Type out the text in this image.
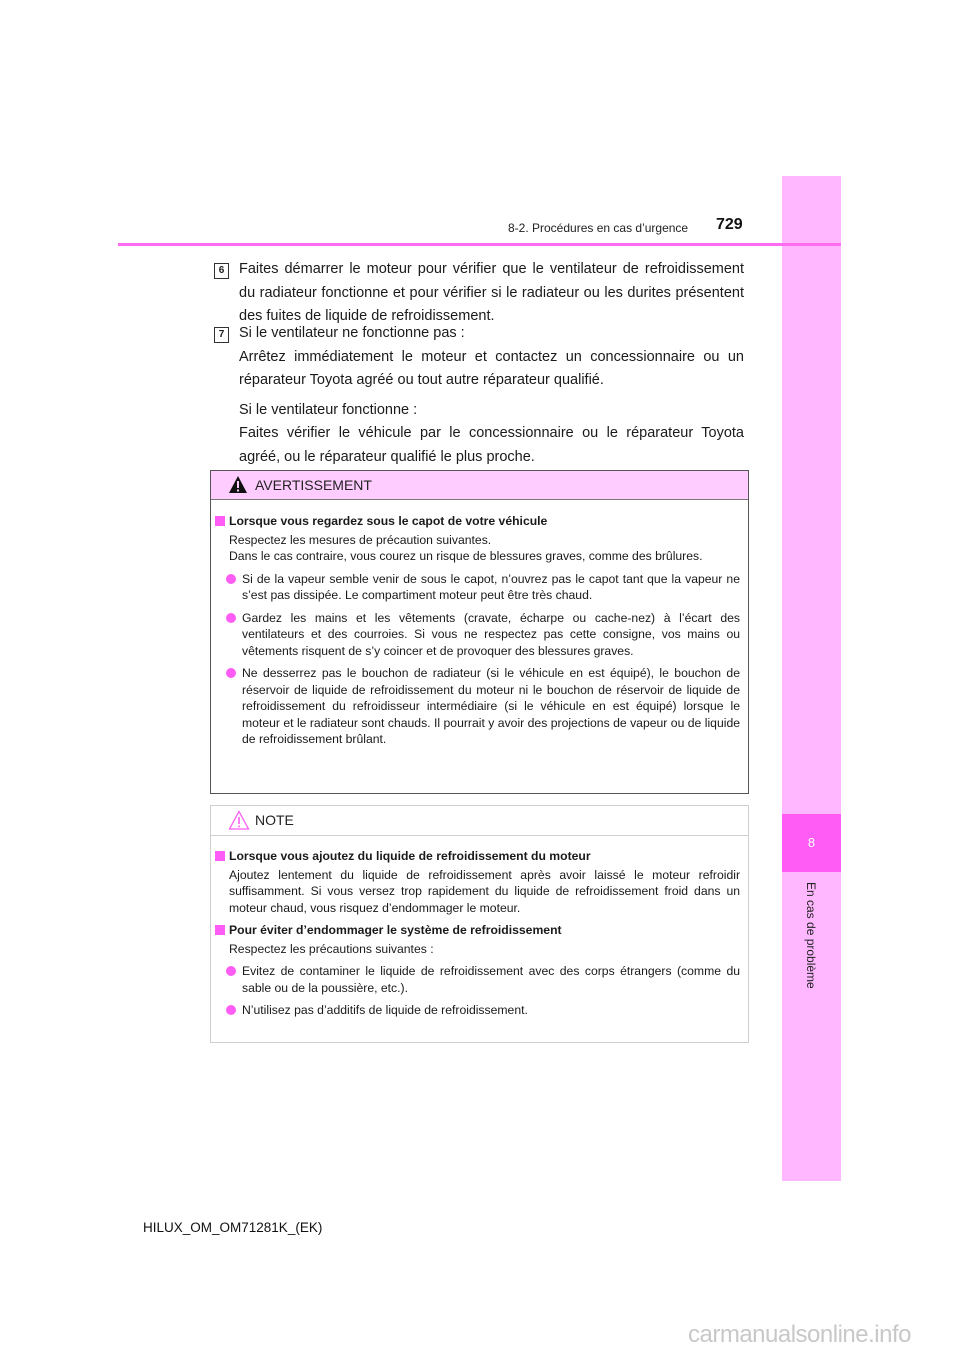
8
En cas de problème
8-2. Procédures en cas d’urgence 729
6	Faites démarrer le moteur pour vérifier que le ventilateur de refroidissement du radiateur fonctionne et pour vérifier si le radiateur ou les durites présentent des fuites de liquide de refroidissement.

7	Si le ventilateur ne fonctionne pas :

Arrêtez immédiatement le moteur et contactez un concessionnaire ou un réparateur Toyota agréé ou tout autre réparateur qualifié.

Si le ventilateur fonctionne :

Faites vérifier le véhicule par le concessionnaire ou le réparateur Toyota agréé, ou le réparateur qualifié le plus proche.

AVERTISSEMENT
Lorsque vous regardez sous le capot de votre véhicule
Respectez les mesures de précaution suivantes.
Dans le cas contraire, vous courez un risque de blessures graves, comme des brûlures.
Si de la vapeur semble venir de sous le capot, n’ouvrez pas le capot tant que la vapeur ne s’est pas dissipée. Le compartiment moteur peut être très chaud.
Gardez les mains et les vêtements (cravate, écharpe ou cache-nez) à l’écart des ventilateurs et des courroies. Si vous ne respectez pas cette consigne, vos mains ou vêtements risquent de s’y coincer et de provoquer des blessures graves.
Ne desserrez pas le bouchon de radiateur (si le véhicule en est équipé), le bouchon de réservoir de liquide de refroidissement du moteur ni le bouchon de réservoir de liquide de refroidissement du refroidisseur intermédiaire (si le véhicule en est équipé) lorsque le moteur et le radiateur sont chauds. Il pourrait y avoir des projections de vapeur ou de liquide de refroidissement brûlant.
NOTE
Lorsque vous ajoutez du liquide de refroidissement du moteur
Ajoutez lentement du liquide de refroidissement après avoir laissé le moteur refroidir suffisamment. Si vous versez trop rapidement du liquide de refroidissement froid dans un moteur chaud, vous risquez d’endommager le moteur.
Pour éviter d’endommager le système de refroidissement
Respectez les précautions suivantes :
Evitez de contaminer le liquide de refroidissement avec des corps étrangers (comme du sable ou de la poussière, etc.).
N’utilisez pas d’additifs de liquide de refroidissement.
HILUX_OM_OM71281K_(EK)
carmanualsonline.info
